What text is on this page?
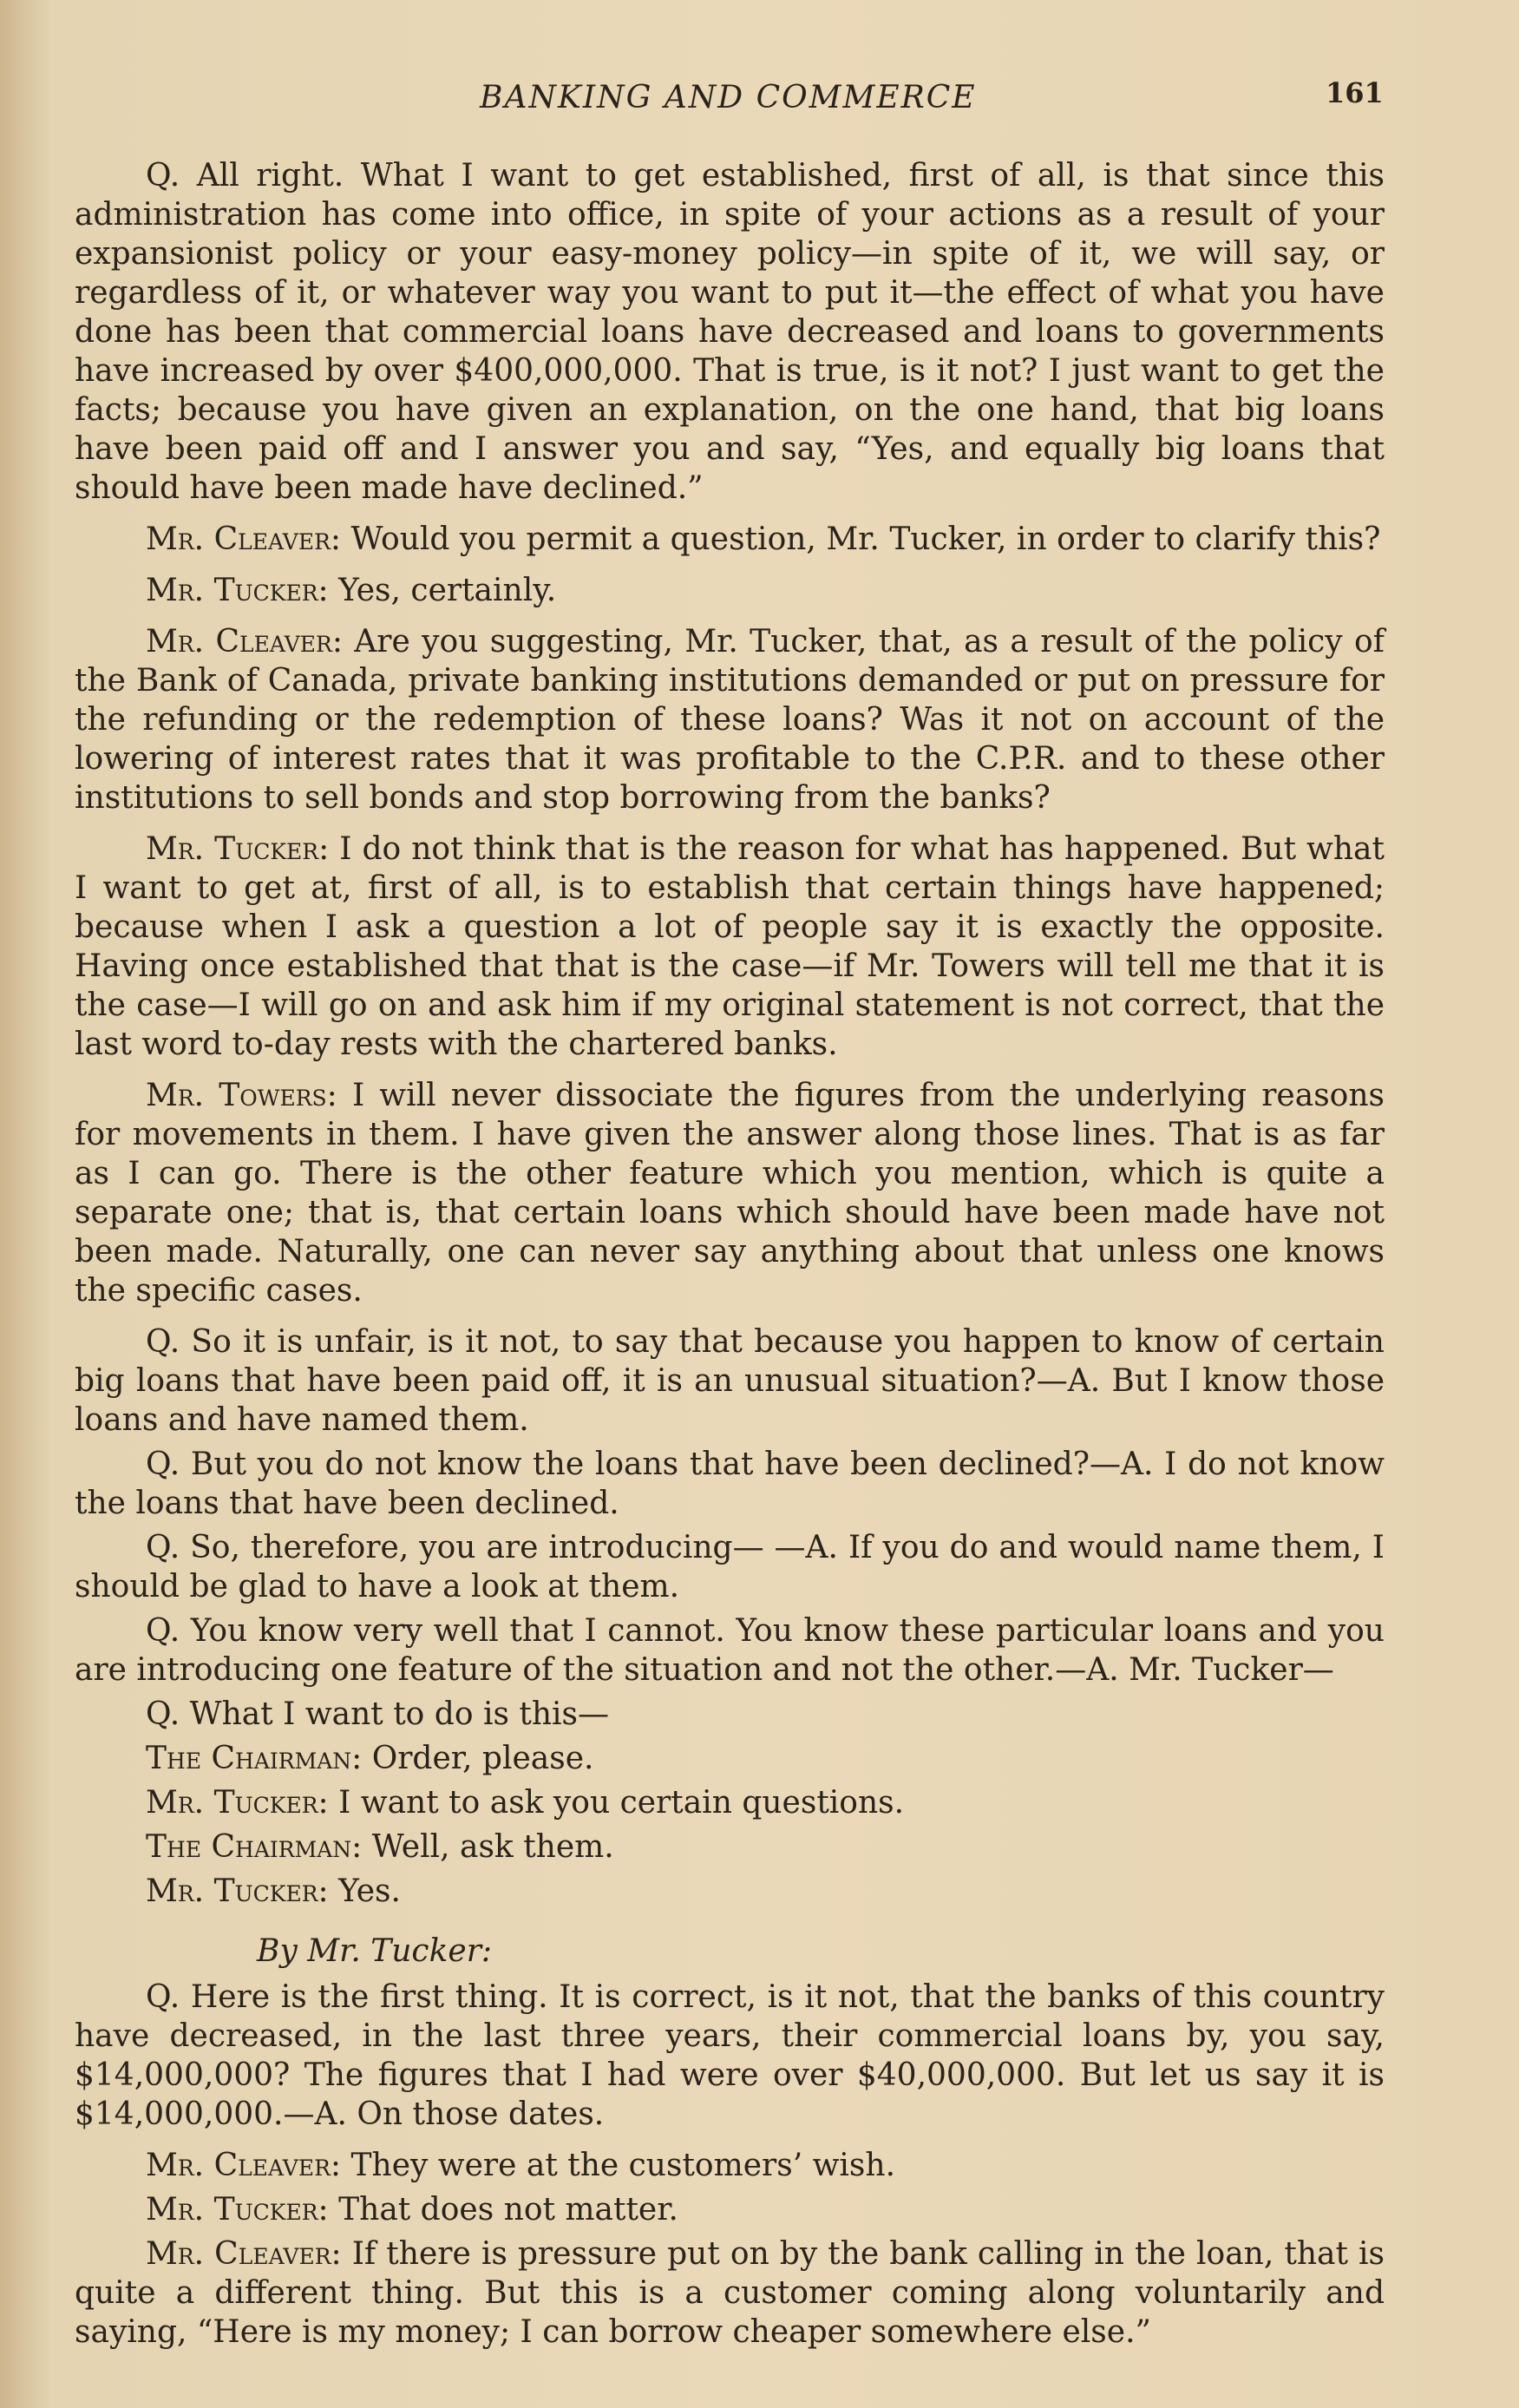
BANKING AND COMMERCE	161

Q. All right. What I want to get established, first of all, is that since this administration has come into office, in spite of your actions as a result of your expansionist policy or your easy-money policy—in spite of it, we will say, or regardless of it, or whatever way you want to put it—the effect of what you have done has been that commercial loans have decreased and loans to governments have increased by over $400,000,000. That is true, is it not? I just want to get the facts; because you have given an explanation, on the one hand, that big loans have been paid off and I answer you and say, “Yes, and equally big loans that should have been made have declined.”

Mr. Cleaver: Would you permit a question, Mr. Tucker, in order to clarify this?

Mr. Tucker: Yes, certainly.

Mr. Cleaver: Are you suggesting, Mr. Tucker, that, as a result of the policy of the Bank of Canada, private banking institutions demanded or put on pressure for the refunding or the redemption of these loans? Was it not on account of the lowering of interest rates that it was profitable to the C.P.R. and to these other institutions to sell bonds and stop borrowing from the banks?

Mr. Tucker: I do not think that is the reason for what has happened. But what I want to get at, first of all, is to establish that certain things have happened; because when I ask a question a lot of people say it is exactly the opposite. Having once established that that is the case—if Mr. Towers will tell me that it is the case—I will go on and ask him if my original statement is not correct, that the last word to-day rests with the chartered banks.

Mr. Towers: I will never dissociate the figures from the underlying reasons for movements in them. I have given the answer along those lines. That is as far as I can go. There is the other feature which you mention, which is quite a separate one; that is, that certain loans which should have been made have not been made. Naturally, one can never say anything about that unless one knows the specific cases.

Q. So it is unfair, is it not, to say that because you happen to know of certain big loans that have been paid off, it is an unusual situation?—A. But I know those loans and have named them.

Q. But you do not know the loans that have been declined?—A. I do not know the loans that have been declined.

Q. So, therefore, you are introducing— —A. If you do and would name them, I should be glad to have a look at them.

Q. You know very well that I cannot. You know these particular loans and you are introducing one feature of the situation and not the other.—A. Mr. Tucker—

Q. What I want to do is this—

The Chairman: Order, please.

Mr. Tucker: I want to ask you certain questions.

The Chairman: Well, ask them.

Mr. Tucker: Yes.

By Mr. Tucker:

Q. Here is the first thing. It is correct, is it not, that the banks of this country have decreased, in the last three years, their commercial loans by, you say, $14,000,000? The figures that I had were over $40,000,000. But let us say it is $14,000,000.—A. On those dates.

Mr. Cleaver: They were at the customers’ wish.

Mr. Tucker: That does not matter.

Mr. Cleaver: If there is pressure put on by the bank calling in the loan, that is quite a different thing. But this is a customer coming along voluntarily and saying, “Here is my money; I can borrow cheaper somewhere else.”
